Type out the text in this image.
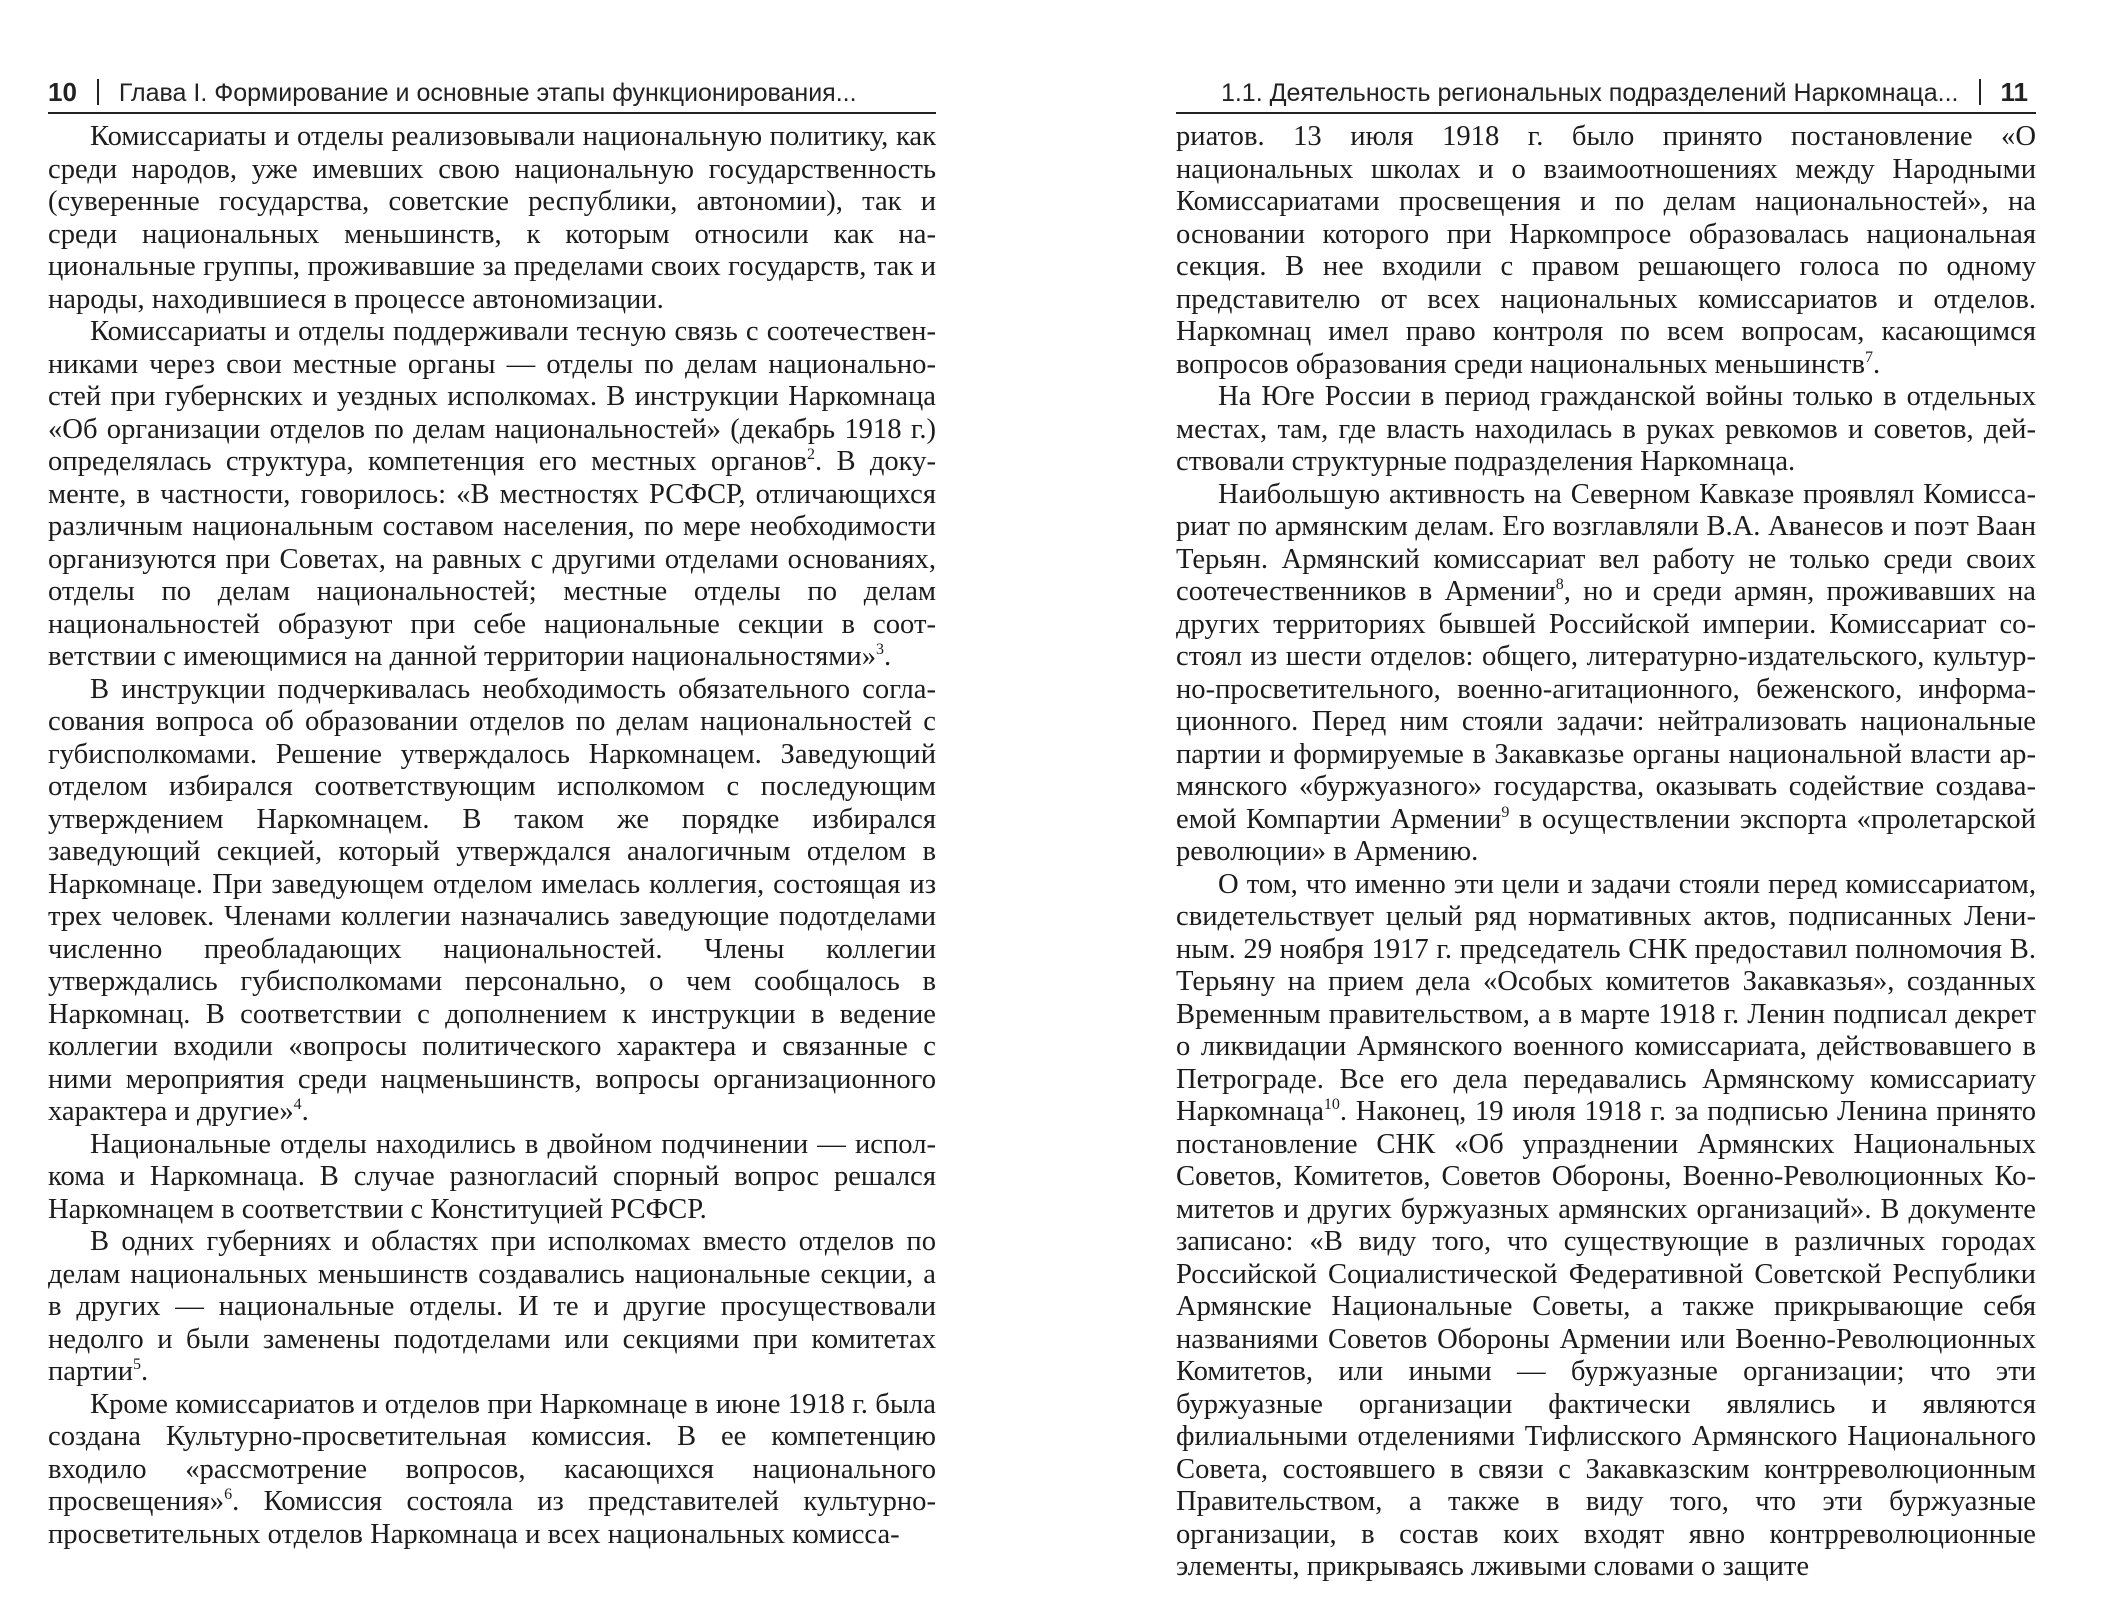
10 Глава I. Формирование и основные этапы функционирования...

Комиссариаты и отделы реализовывали национальную политику, как среди народов, уже имевших свою национальную государственность (суверенные государства, советские республики, автономии), так и среди национальных меньшинств, к которым относили как национальные группы, проживавшие за пределами своих государств, так и народы, находившиеся в процессе автономизации.

Комиссариаты и отделы поддерживали тесную связь с соотечественниками через свои местные органы — отделы по делам национальностей при губернских и уездных исполкомах. В инструкции Наркомнаца «Об организации отделов по делам национальностей» (декабрь 1918 г.) определялась структура, компетенция его местных органов$^2$. В документе, в частности, говорилось: «В местностях РСФСР, отличающихся различным национальным составом населения, по мере необходимости организуются при Советах, на равных с другими отделами основаниях, отделы по делам национальностей; местные отделы по делам национальностей образуют при себе национальные секции в соответствии с имеющимися на данной территории национальностями»$^3$.

В инструкции подчеркивалась необходимость обязательного согласования вопроса об образовании отделов по делам национальностей с губисполкомами. Решение утверждалось Наркомнацем. Заведующий отделом избирался соответствующим исполкомом с последующим утверждением Наркомнацем. В таком же порядке избирался заведующий секцией, который утверждался аналогичным отделом в Наркомнаце. При заведующем отделом имелась коллегия, состоящая из трех человек. Членами коллегии назначались заведующие подотделами численно преобладающих национальностей. Члены коллегии утверждались губисполкомами персонально, о чем сообщалось в Наркомнац. В соответствии с дополнением к инструкции в ведение коллегии входили «вопросы политического характера и связанные с ними мероприятия среди нацменьшинств, вопросы организационного характера и другие»$^4$.

Национальные отделы находились в двойном подчинении — исполкома и Наркомнаца. В случае разногласий спорный вопрос решался Наркомнацем в соответствии с Конституцией РСФСР.

В одних губерниях и областях при исполкомах вместо отделов по делам национальных меньшинств создавались национальные секции, а в других — национальные отделы. И те и другие просуществовали недолго и были заменены подотделами или секциями при комитетах партии$^5$.

Кроме комиссариатов и отделов при Наркомнаце в июне 1918 г. была создана Культурно-просветительная комиссия. В ее компетенцию входило «рассмотрение вопросов, касающихся национального просвещения»$^6$. Комиссия состояла из представителей культурно-просветительных отделов Наркомнаца и всех национальных комисса-

1.1. Деятельность региональных подразделений Наркомнаца... 11

риатов. 13 июля 1918 г. было принято постановление «О национальных школах и о взаимоотношениях между Народными Комиссариатами просвещения и по делам национальностей», на основании которого при Наркомпросе образовалась национальная секция. В нее входили с правом решающего голоса по одному представителю от всех национальных комиссариатов и отделов. Наркомнац имел право контроля по всем вопросам, касающимся вопросов образования среди национальных меньшинств$^7$.

На Юге России в период гражданской войны только в отдельных местах, там, где власть находилась в руках ревкомов и советов, действовали структурные подразделения Наркомнаца.

Наибольшую активность на Северном Кавказе проявлял Комиссариат по армянским делам. Его возглавляли В.А. Аванесов и поэт Ваан Терьян. Армянский комиссариат вел работу не только среди своих соотечественников в Армении$^8$, но и среди армян, проживавших на других территориях бывшей Российской империи. Комиссариат состоял из шести отделов: общего, литературно-издательского, культурно-просветительного, военно-агитационного, беженского, информационного. Перед ним стояли задачи: нейтрализовать национальные партии и формируемые в Закавказье органы национальной власти армянского «буржуазного» государства, оказывать содействие создаваемой Компартии Армении$^9$ в осуществлении экспорта «пролетарской революции» в Армению.

О том, что именно эти цели и задачи стояли перед комиссариатом, свидетельствует целый ряд нормативных актов, подписанных Лениным. 29 ноября 1917 г. председатель СНК предоставил полномочия В. Терьяну на прием дела «Особых комитетов Закавказья», созданных Временным правительством, а в марте 1918 г. Ленин подписал декрет о ликвидации Армянского военного комиссариата, действовавшего в Петрограде. Все его дела передавались Армянскому комиссариату Наркомнаца$^{10}$. Наконец, 19 июля 1918 г. за подписью Ленина принято постановление СНК «Об упразднении Армянских Национальных Советов, Комитетов, Советов Обороны, Военно-Революционных Комитетов и других буржуазных армянских организаций». В документе записано: «В виду того, что существующие в различных городах Российской Социалистической Федеративной Советской Республики Армянские Национальные Советы, а также прикрывающие себя названиями Советов Обороны Армении или Военно-Революционных Комитетов, или иными — буржуазные организации; что эти буржуазные организации фактически являлись и являются филиальными отделениями Тифлисского Армянского Национального Совета, состоявшего в связи с Закавказским контрреволюционным Правительством, а также в виду того, что эти буржуазные организации, в состав коих входят явно контрреволюционные элементы, прикрываясь лживыми словами о защите
